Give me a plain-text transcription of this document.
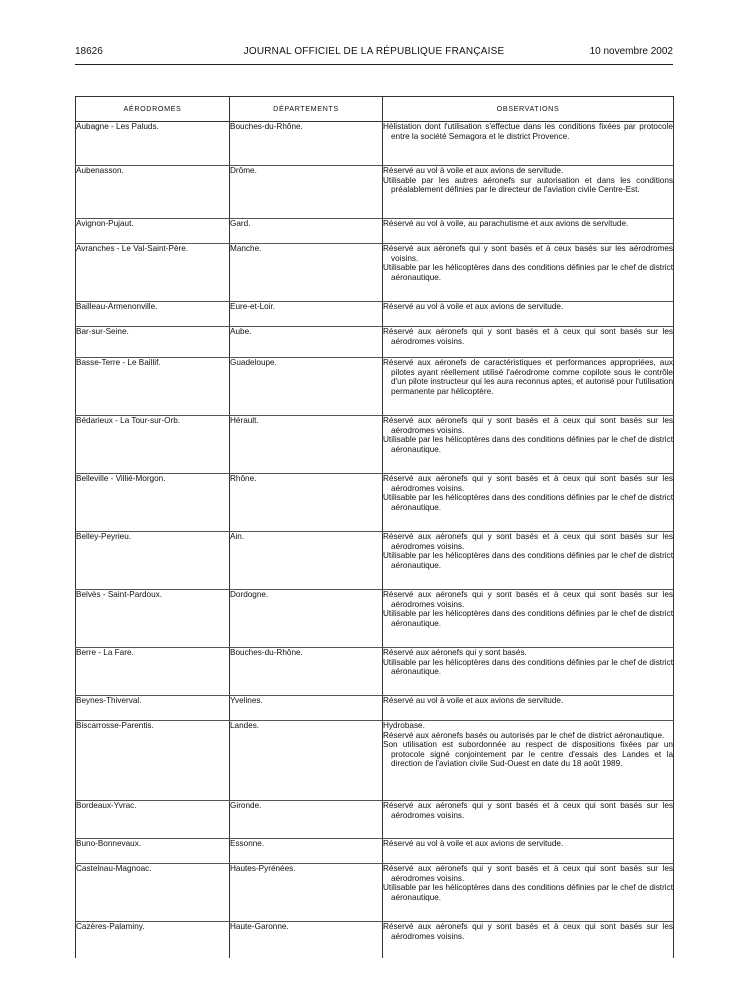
18626	JOURNAL OFFICIEL DE LA RÉPUBLIQUE FRANÇAISE	10 novembre 2002
AÉRODROMES	DÉPARTEMENTS	OBSERVATIONS
Aubagne - Les Paluds.	Bouches-du-Rhône.	Hélistation dont l'utilisation s'effectue dans les conditions fixées par protocole entre la société Semagora et le district Provence.

Aubenasson.	Drôme.	Réservé au vol à voile et aux avions de servitude.
Utilisable par les autres aéronefs sur autorisation et dans les conditions préalablement définies par le directeur de l'aviation civile Centre-Est.

Avignon-Pujaut.	Gard.	Réservé au vol à voile, au parachutisme et aux avions de servitude.

Avranches - Le Val-Saint-Père.	Manche.	Réservé aux aéronefs qui y sont basés et à ceux basés sur les aérodromes voisins.
Utilisable par les hélicoptères dans des conditions définies par le chef de district aéronautique.

Bailleau-Armenonville.	Eure-et-Loir.	Réservé au vol à voile et aux avions de servitude.

Bar-sur-Seine.	Aube.	Réservé aux aéronefs qui y sont basés et à ceux qui sont basés sur les aérodromes voisins.

Basse-Terre - Le Baillif.	Guadeloupe.	Réservé aux aéronefs de caractéristiques et performances appropriées, aux pilotes ayant réellement utilisé l'aérodrome comme copilote sous le contrôle d'un pilote instructeur qui les aura reconnus aptes, et autorisé pour l'utilisation permanente par hélicoptère.

Bédarieux - La Tour-sur-Orb.	Hérault.	Réservé aux aéronefs qui y sont basés et à ceux qui sont basés sur les aérodromes voisins.
Utilisable par les hélicoptères dans des conditions définies par le chef de district aéronautique.

Belleville - Villié-Morgon.	Rhône.	Réservé aux aéronefs qui y sont basés et à ceux qui sont basés sur les aérodromes voisins.
Utilisable par les hélicoptères dans des conditions définies par le chef de district aéronautique.

Belley-Peyrieu.	Ain.	Réservé aux aéronefs qui y sont basés et à ceux qui sont basés sur les aérodromes voisins.
Utilisable par les hélicoptères dans des conditions définies par le chef de district aéronautique.

Belvès - Saint-Pardoux.	Dordogne.	Réservé aux aéronefs qui y sont basés et à ceux qui sont basés sur les aérodromes voisins.
Utilisable par les hélicoptères dans des conditions définies par le chef de district aéronautique.

Berre - La Fare.	Bouches-du-Rhône.	Réservé aux aéronefs qui y sont basés.
Utilisable par les hélicoptères dans des conditions définies par le chef de district aéronautique.

Beynes-Thiverval.	Yvelines.	Réservé au vol à voile et aux avions de servitude.

Biscarrosse-Parentis.	Landes.	Hydrobase.
Réservé aux aéronefs basés ou autorisés par le chef de district aéronautique.
Son utilisation est subordonnée au respect de dispositions fixées par un protocole signé conjointement par le centre d'essais des Landes et la direction de l'aviation civile Sud-Ouest en date du 18 août 1989.

Bordeaux-Yvrac.	Gironde.	Réservé aux aéronefs qui y sont basés et à ceux qui sont basés sur les aérodromes voisins.

Buno-Bonnevaux.	Essonne.	Réservé au vol à voile et aux avions de servitude.

Castelnau-Magnoac.	Hautes-Pyrénées.	Réservé aux aéronefs qui y sont basés et à ceux qui sont basés sur les aérodromes voisins.
Utilisable par les hélicoptères dans des conditions définies par le chef de district aéronautique.

Cazères-Palaminy.	Haute-Garonne.	Réservé aux aéronefs qui y sont basés et à ceux qui sont basés sur les aérodromes voisins.
